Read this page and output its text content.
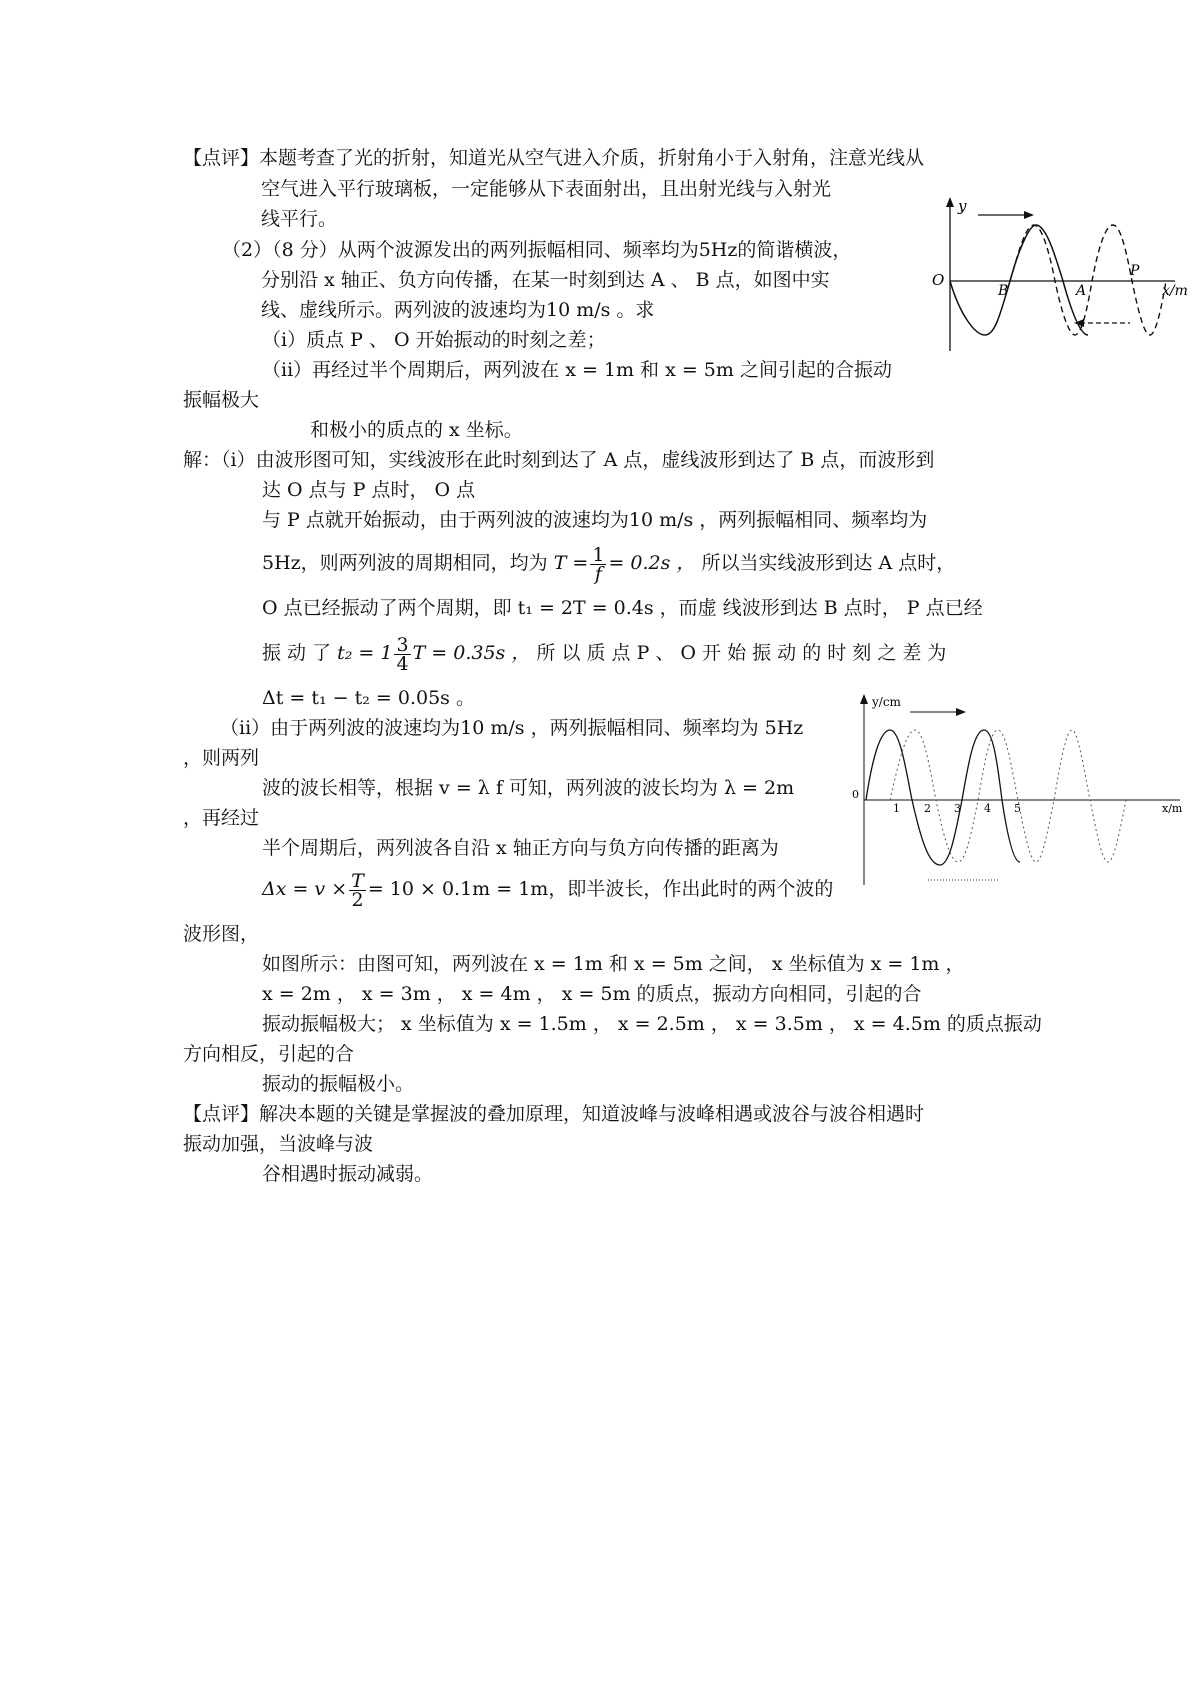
【点评】本题考查了光的折射，知道光从空气进入介质，折射角小于入射角，注意光线从
空气进入平行玻璃板，一定能够从下表面射出，且出射光线与入射光
线平行。
（2）（8 分）从两个波源发出的两列振幅相同、频率均为5Hz的简谐横波，
分别沿 x 轴正、负方向传播，在某一时刻到达 A 、 B 点，如图中实
线、虚线所示。两列波的波速均为10 m/s 。求
（i）质点 P 、 O 开始振动的时刻之差；
（ii）再经过半个周期后，两列波在 x = 1m 和 x = 5m 之间引起的合振动
振幅极大
和极小的质点的 x 坐标。
y
O
B	A
P
x/m
解：（i）由波形图可知，实线波形在此时刻到达了 A 点，虚线波形到达了 B 点，而波形到
达 O 点与 P 点时， O 点
与 P 点就开始振动，由于两列波的波速均为10 m/s ，两列振幅相同、频率均为
5Hz，则两列波的周期相同，均为 $T = \frac{1}{f} = 0.2s$ ， 所以当实线波形到达 A 点时，
O 点已经振动了两个周期，即 t₁ = 2T = 0.4s ，而虚 线波形到达 B 点时， P 点已经
振 动 了 $t_2 = 1 \frac{3}{4}$ T = 0.35s ， 所 以 质 点 P 、 O 开 始 振 动 的 时 刻 之 差 为
Δt = t₁ − t₂ = 0.05s 。
（ii）由于两列波的波速均为10 m/s ，两列振幅相同、频率均为 5Hz
，则两列
波的波长相等，根据 v = λ f 可知，两列波的波长均为 λ = 2m
，再经过
半个周期后，两列波各自沿 x 轴正方向与负方向传播的距离为
$\Delta x = v \times \frac{T}{2} = 10 \times 0.1m = 1m$，即半波长，作出此时的两个波的
波形图，
如图所示：由图可知，两列波在 x = 1m 和 x = 5m 之间， x 坐标值为 x = 1m ，
x = 2m ， x = 3m ， x = 4m ， x = 5m 的质点，振动方向相同，引起的合
振动振幅极大； x 坐标值为 x = 1.5m ， x = 2.5m ， x = 3.5m ， x = 4.5m 的质点振动
方向相反，引起的合
振动的振幅极小。
y/cm
0
1 2 3 4 5	x/m
【点评】解决本题的关键是掌握波的叠加原理，知道波峰与波峰相遇或波谷与波谷相遇时
振动加强，当波峰与波
谷相遇时振动减弱。
